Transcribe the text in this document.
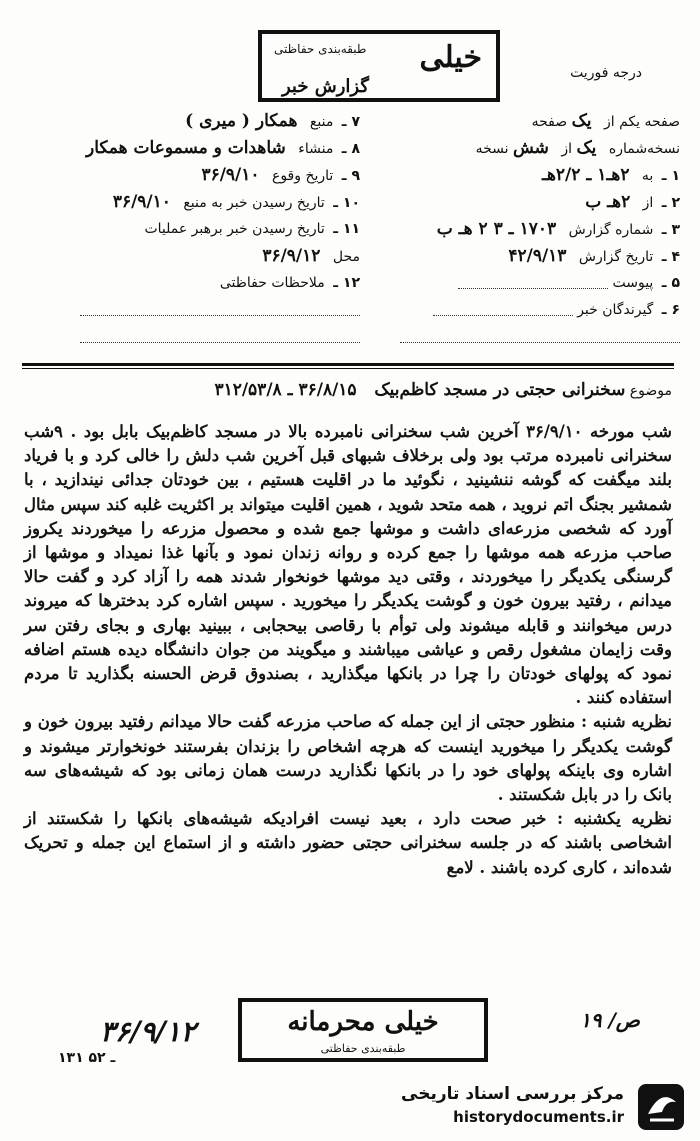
خیلی
طبقه‌بندی حفاظتی
گزارش خبر
درجه فوریت
صفحه یکم از یک صفحه
نسخه‌شماره یک از شش نسخه
۱ ـ به ۲هـ۱ ـ ۲/۲هـ
۲ ـ از ۲هـ ب
۳ ـ شماره گزارش ۱۷۰۳ ـ ۳ ۲ هـ ب
۴ ـ تاریخ گزارش ۴۲/۹/۱۳
۵ ـ پیوست
۶ ـ گیرندگان خبر
۷ ـ منبع همکار ( میری )
۸ ـ منشاء شاهدات و مسموعات همکار
۹ ـ تاریخ وقوع ۳۶/۹/۱۰
۱۰ ـ تاریخ رسیدن خبر به منبع ۳۶/۹/۱۰
۱۱ ـ تاریخ رسیدن خبر برهبر عملیات
محل ۳۶/۹/۱۲
۱۲ ـ ملاحظات حفاظتی
موضوع سخنرانی حجتی در مسجد کاظم‌بیک    ۳۶/۸/۱۵ ـ ۳۱۲/۵۳/۸

شب مورخه ۳۶/۹/۱۰ آخرین شب سخنرانی نامبرده بالا در مسجد کاظم‌بیک بابل بود . ۹شب سخنرانی نامبرده مرتب بود ولی برخلاف شبهای قبل آخرین شب دلش را خالی کرد و با فریاد بلند میگفت که گوشه ننشینید ، نگوئید ما در اقلیت هستیم ، بین خودتان جدائی نیندازید ، با شمشیر بجنگ اتم نروید ، همه متحد شوید ، همین اقلیت میتواند بر اکثریت غلبه کند سپس مثال آورد که شخصی مزرعه‌ای داشت و موشها جمع شده و محصول مزرعه را میخوردند یکروز صاحب مزرعه همه موشها را جمع کرده و روانه زندان نمود و بآنها غذا نمیداد و موشها از گرسنگی یکدیگر را میخوردند ، وقتی دید موشها خونخوار شدند همه را آزاد کرد و گفت حالا میدانم ، رفتید بیرون خون و گوشت یکدیگر را میخورید . سپس اشاره کرد بدخترها که میروند درس میخوانند و قابله میشوند ولی توأم با رقاصی بیحجابی ، ببینید بهاری و بجای رفتن سر وقت زایمان مشغول رقص و عیاشی میباشند و میگویند من جوان دانشگاه دیده هستم اضافه نمود که پولهای خودتان را چرا در بانکها میگذارید ، بصندوق قرض الحسنه بگذارید تا مردم استفاده کنند .

نظریه شنبه : منظور حجتی از این جمله که صاحب مزرعه گفت حالا میدانم رفتید بیرون خون و گوشت یکدیگر را میخورید اینست که هرچه اشخاص را بزندان بفرستند خونخوارتر میشوند و اشاره وی باینکه پولهای خود را در بانکها نگذارید درست همان زمانی بود که شیشه‌های سه بانک را در بابل شکستند .

نظریه یکشنبه : خبر صحت دارد ، بعید نیست افرادیکه شیشه‌های بانکها را شکستند از اشخاصی باشند که در جلسه سخنرانی حجتی حضور داشته و از استماع این جمله و تحریک شده‌اند ، کاری کرده باشند . لامع

خیلی محرمانه
طبقه‌بندی حفاظتی
۳۶/۹/۱۲	ص/ ۱۹
۱۳۱ ـ ۵۲
مرکز بررسی اسناد تاریخی
historydocuments.ir
